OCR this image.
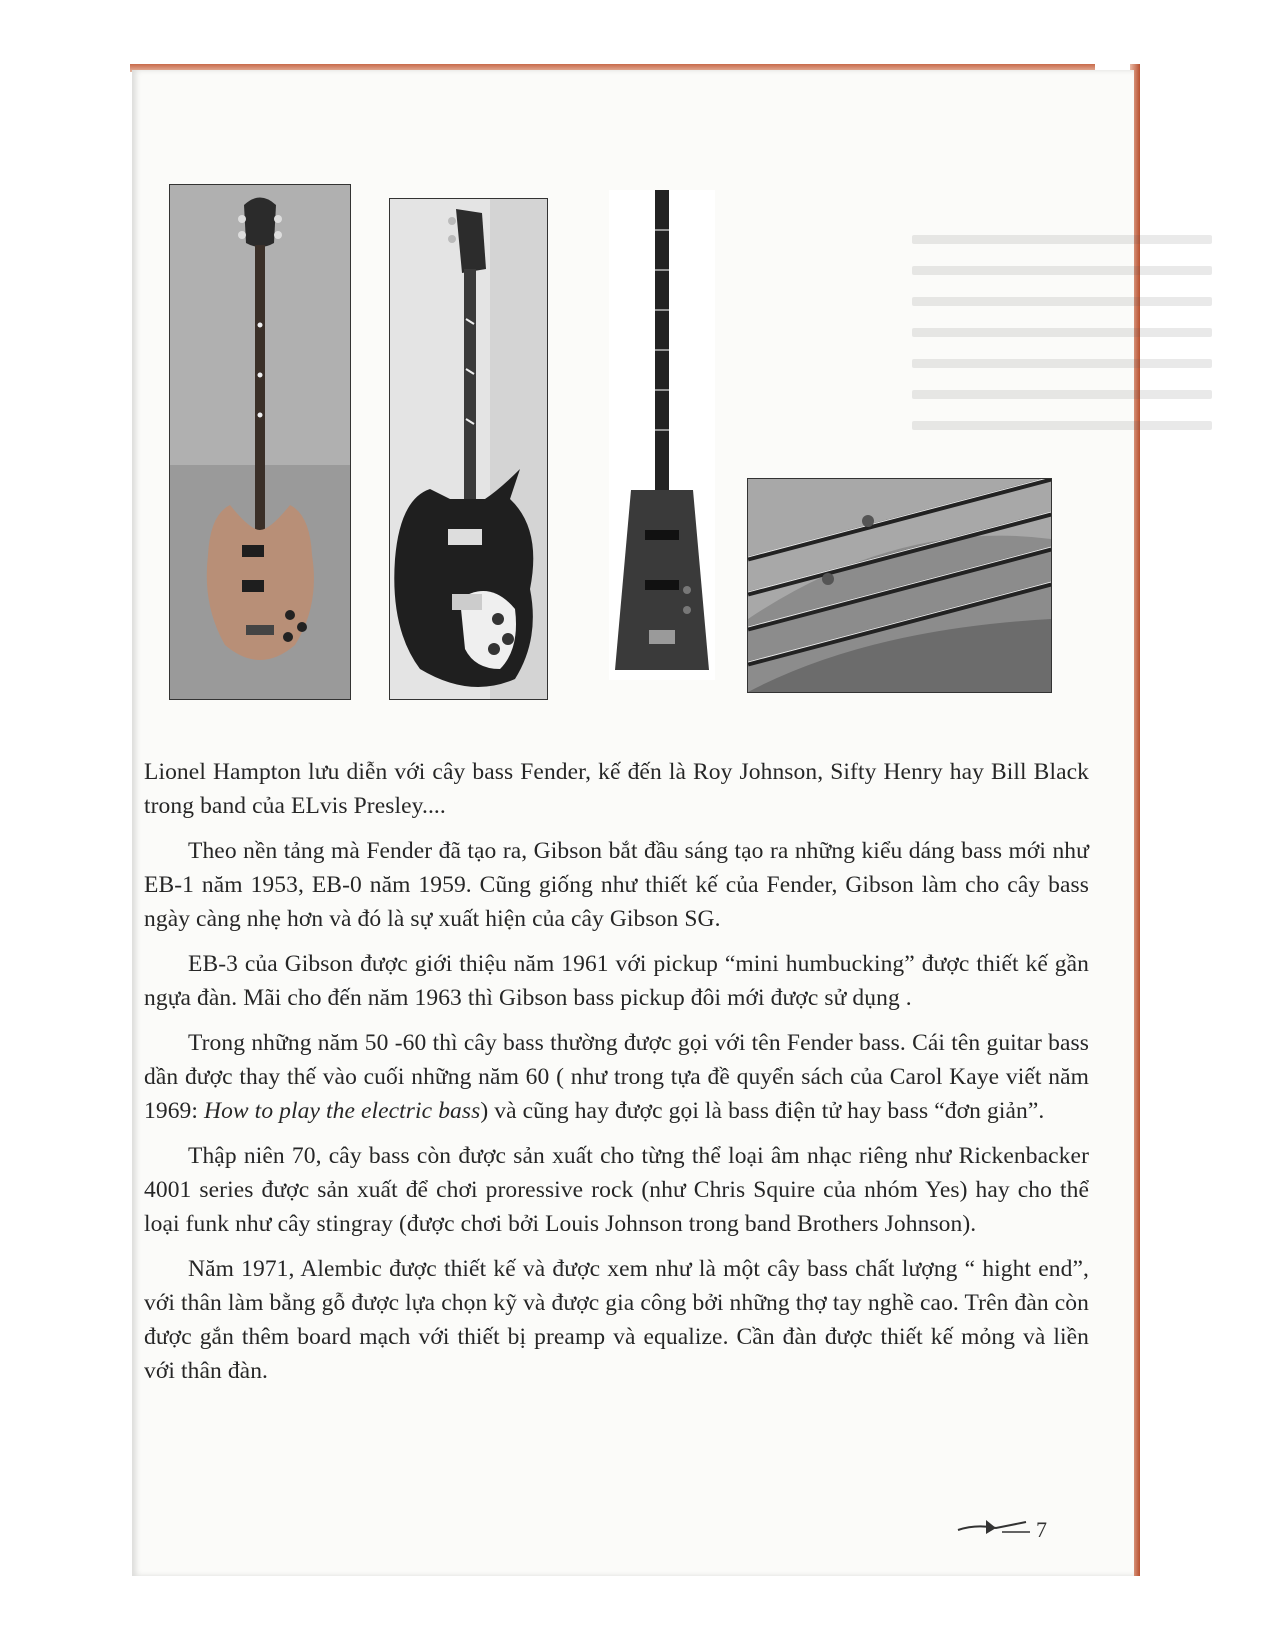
Lionel Hampton lưu diễn với cây bass Fender, kế đến là Roy Johnson, Sifty Henry hay Bill Black trong band của ELvis Presley....

Theo nền tảng mà Fender đã tạo ra, Gibson bắt đầu sáng tạo ra những kiểu dáng bass mới như EB-1 năm 1953, EB-0 năm 1959. Cũng giống như thiết kế của Fender, Gibson làm cho cây bass ngày càng nhẹ hơn và đó là sự xuất hiện của cây Gibson SG.

EB-3 của Gibson được giới thiệu năm 1961 với pickup “mini humbucking” được thiết kế gần ngựa đàn. Mãi cho đến năm 1963 thì Gibson bass pickup đôi mới được sử dụng .

Trong những năm 50 -60 thì cây bass thường được gọi với tên Fender bass. Cái tên guitar bass dần được thay thế vào cuối những năm 60 ( như trong tựa đề quyển sách của Carol Kaye viết năm 1969: How to play the electric bass) và cũng hay được gọi là bass điện tử hay bass “đơn giản”.

Thập niên 70, cây bass còn được sản xuất cho từng thể loại âm nhạc riêng như Rickenbacker 4001 series được sản xuất để chơi proressive rock (như Chris Squire của nhóm Yes) hay cho thể loại funk như cây stingray (được chơi bởi Louis Johnson trong band Brothers Johnson).

Năm 1971, Alembic được thiết kế và được xem như là một cây bass chất lượng “ hight end”, với thân làm bằng gỗ được lựa chọn kỹ và được gia công bởi những thợ tay nghề cao. Trên đàn còn được gắn thêm board mạch với thiết bị preamp và equalize. Cần đàn được thiết kế mỏng và liền với thân đàn.

7
